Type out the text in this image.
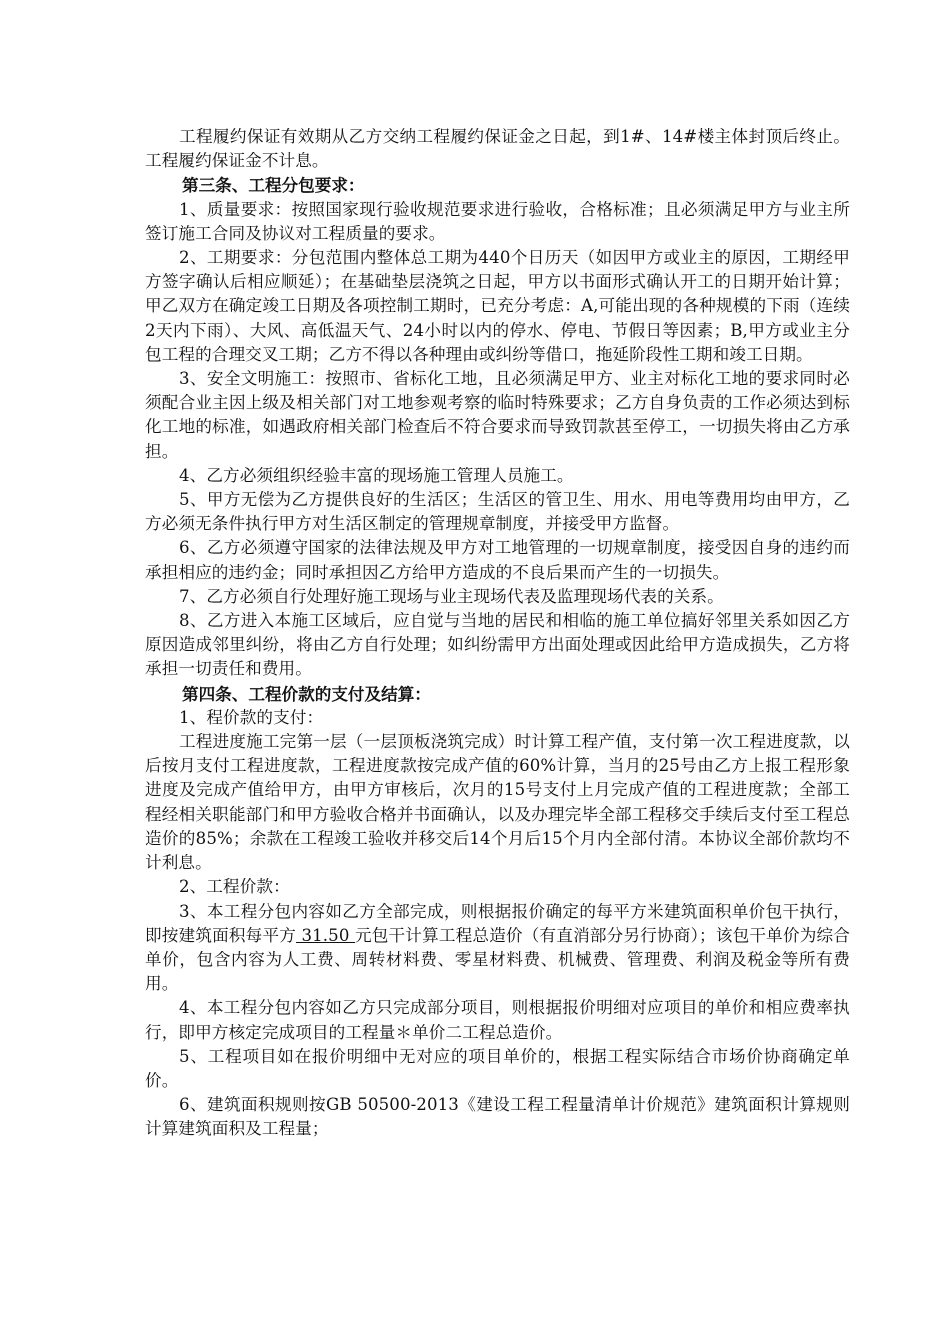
工程履约保证有效期从乙方交纳工程履约保证金之日起，到1#、14#楼主体封顶后终止。工程履约保证金不计息。

第三条、工程分包要求：

1、质量要求：按照国家现行验收规范要求进行验收，合格标准；且必须满足甲方与业主所签订施工合同及协议对工程质量的要求。

2、工期要求：分包范围内整体总工期为440个日历天（如因甲方或业主的原因，工期经甲方签字确认后相应顺延）；在基础垫层浇筑之日起，甲方以书面形式确认开工的日期开始计算；甲乙双方在确定竣工日期及各项控制工期时，已充分考虑：A,可能出现的各种规模的下雨（连续2天内下雨）、大风、高低温天气、24小时以内的停水、停电、节假日等因素；B,甲方或业主分包工程的合理交叉工期；乙方不得以各种理由或纠纷等借口，拖延阶段性工期和竣工日期。

3、安全文明施工：按照市、省标化工地，且必须满足甲方、业主对标化工地的要求同时必须配合业主因上级及相关部门对工地参观考察的临时特殊要求；乙方自身负责的工作必须达到标化工地的标准，如遇政府相关部门检查后不符合要求而导致罚款甚至停工，一切损失将由乙方承担。

4、乙方必须组织经验丰富的现场施工管理人员施工。

5、甲方无偿为乙方提供良好的生活区；生活区的管卫生、用水、用电等费用均由甲方，乙方必须无条件执行甲方对生活区制定的管理规章制度，并接受甲方监督。

6、乙方必须遵守国家的法律法规及甲方对工地管理的一切规章制度，接受因自身的违约而承担相应的违约金；同时承担因乙方给甲方造成的不良后果而产生的一切损失。

7、乙方必须自行处理好施工现场与业主现场代表及监理现场代表的关系。

8、乙方进入本施工区域后，应自觉与当地的居民和相临的施工单位搞好邻里关系如因乙方原因造成邻里纠纷，将由乙方自行处理；如纠纷需甲方出面处理或因此给甲方造成损失，乙方将承担一切责任和费用。

第四条、工程价款的支付及结算：

1、程价款的支付：

工程进度施工完第一层（一层顶板浇筑完成）时计算工程产值，支付第一次工程进度款，以后按月支付工程进度款，工程进度款按完成产值的60%计算，当月的25号由乙方上报工程形象进度及完成产值给甲方，由甲方审核后，次月的15号支付上月完成产值的工程进度款；全部工程经相关职能部门和甲方验收合格并书面确认，以及办理完毕全部工程移交手续后支付至工程总造价的85%；余款在工程竣工验收并移交后14个月后15个月内全部付清。本协议全部价款均不计利息。

2、工程价款：

3、本工程分包内容如乙方全部完成，则根据报价确定的每平方米建筑面积单价包干执行，即按建筑面积每平方 31.50 元包干计算工程总造价（有直消部分另行协商）；该包干单价为综合单价，包含内容为人工费、周转材料费、零星材料费、机械费、管理费、利润及税金等所有费用。

4、本工程分包内容如乙方只完成部分项目，则根据报价明细对应项目的单价和相应费率执行，即甲方核定完成项目的工程量＊单价二工程总造价。

5、工程项目如在报价明细中无对应的项目单价的，根据工程实际结合市场价协商确定单价。

6、建筑面积规则按GB 50500-2013《建设工程工程量清单计价规范》建筑面积计算规则计算建筑面积及工程量；
